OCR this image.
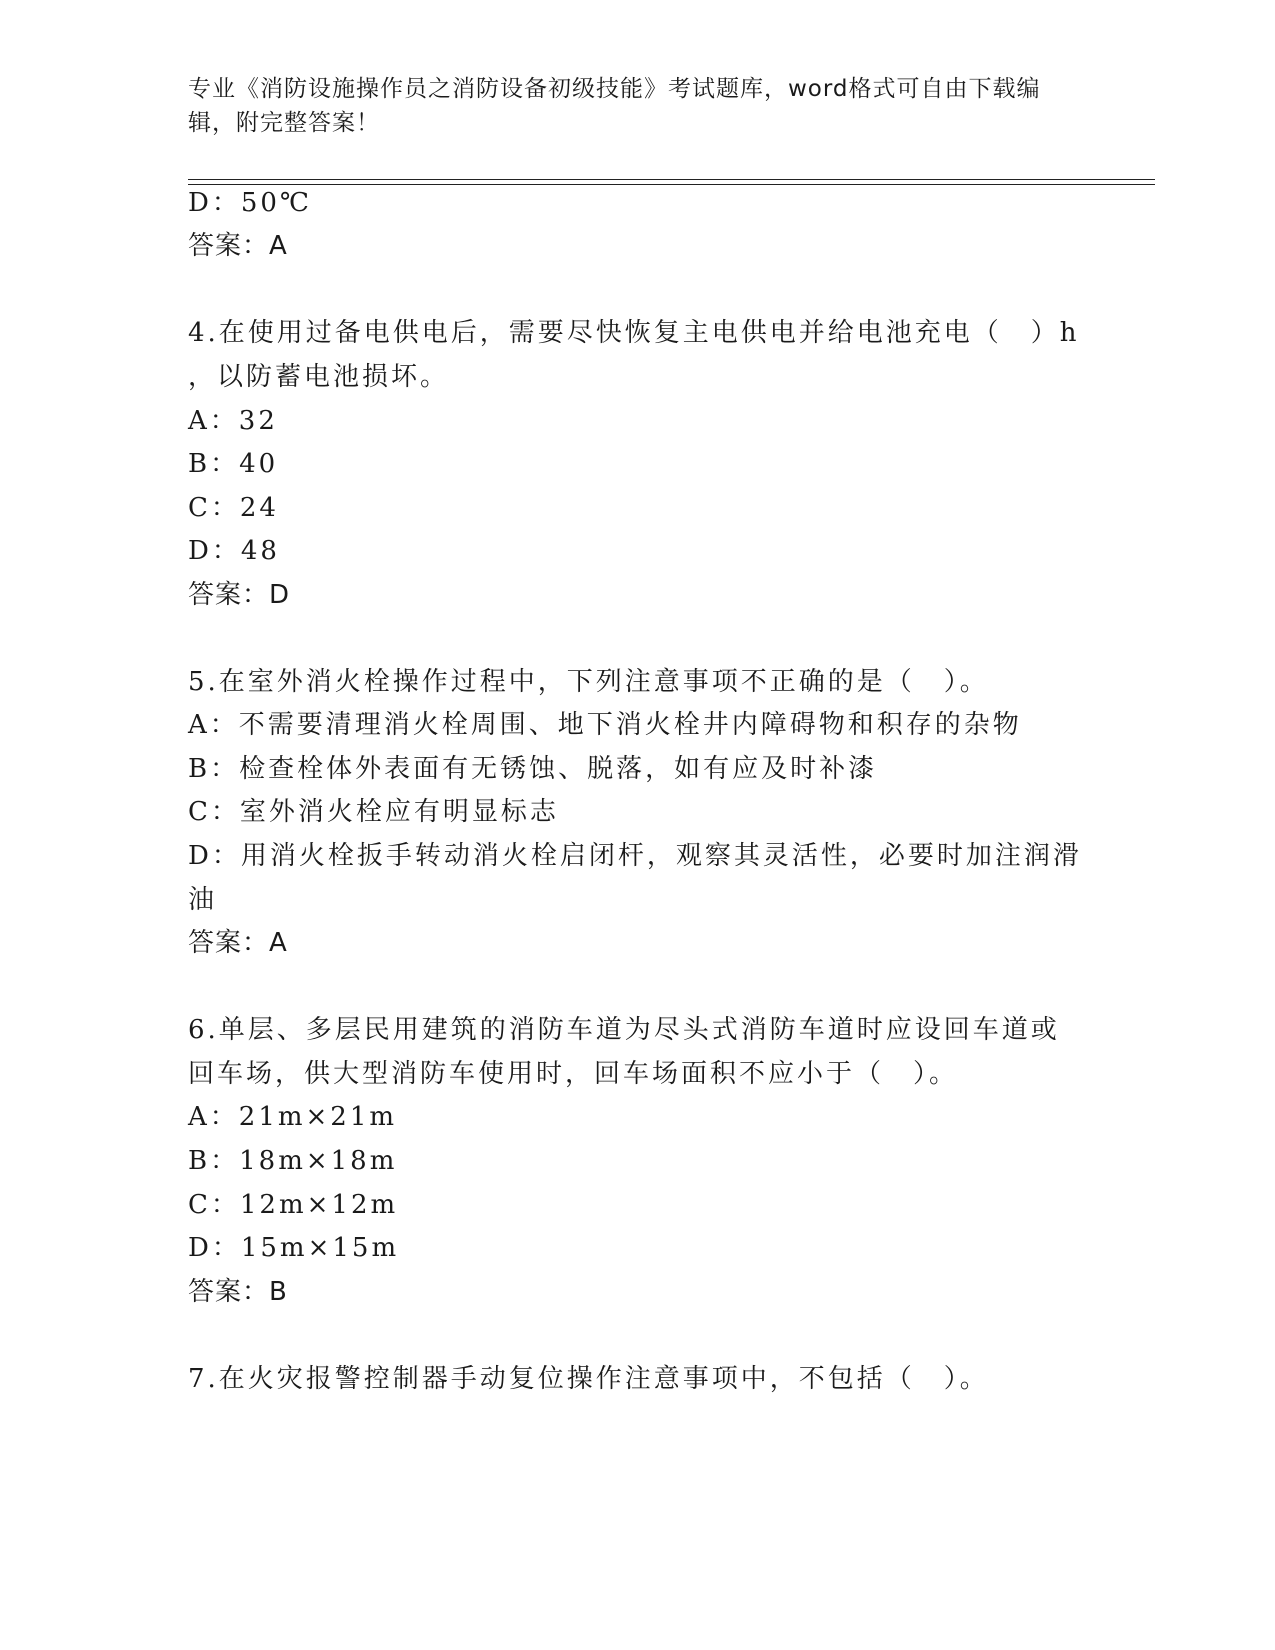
专业《消防设施操作员之消防设备初级技能》考试题库，word格式可自由下载编
辑，附完整答案！
D：50℃
答案：A
4.在使用过备电供电后，需要尽快恢复主电供电并给电池充电（　）h
，以防蓄电池损坏。
A：32
B：40
C：24
D：48
答案：D
5.在室外消火栓操作过程中，下列注意事项不正确的是（　）。
A：不需要清理消火栓周围、地下消火栓井内障碍物和积存的杂物
B：检查栓体外表面有无锈蚀、脱落，如有应及时补漆
C：室外消火栓应有明显标志
D：用消火栓扳手转动消火栓启闭杆，观察其灵活性，必要时加注润滑
油
答案：A
6.单层、多层民用建筑的消防车道为尽头式消防车道时应设回车道或
回车场，供大型消防车使用时，回车场面积不应小于（　）。
A：21m×21m
B：18m×18m
C：12m×12m
D：15m×15m
答案：B
7.在火灾报警控制器手动复位操作注意事项中，不包括（　）。
